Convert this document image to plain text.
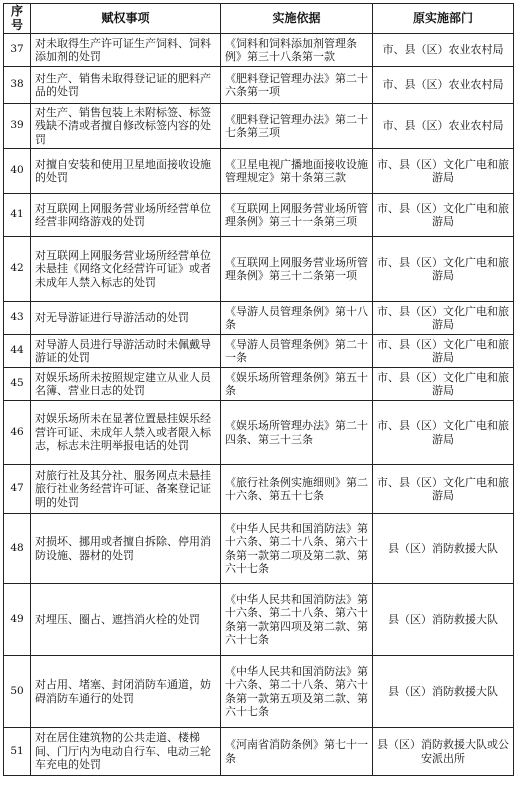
序号	赋权事项	实施依据	原实施部门
37	对未取得生产许可证生产饲料、饲料添加剂的处罚	《饲料和饲料添加剂管理条例》第三十八条第一款	市、县（区）农业农村局
38	对生产、销售未取得登记证的肥料产品的处罚	《肥料登记管理办法》第二十六条第一项	市、县（区）农业农村局
39	对生产、销售包装上未附标签、标签残缺不清或者擅自修改标签内容的处罚	《肥料登记管理办法》第二十七条第三项	市、县（区）农业农村局
40	对擅自安装和使用卫星地面接收设施的处罚	《卫星电视广播地面接收设施管理规定》第十条第三款	市、县（区）文化广电和旅游局
41	对互联网上网服务营业场所经营单位经营非网络游戏的处罚	《互联网上网服务营业场所管理条例》第三十一条第三项	市、县（区）文化广电和旅游局
42	对互联网上网服务营业场所经营单位未悬挂《网络文化经营许可证》或者未成年人禁入标志的处罚	《互联网上网服务营业场所管理条例》第三十二条第一项	市、县（区）文化广电和旅游局
43	对无导游证进行导游活动的处罚	《导游人员管理条例》第十八条	市、县（区）文化广电和旅游局
44	对导游人员进行导游活动时未佩戴导游证的处罚	《导游人员管理条例》第二十一条	市、县（区）文化广电和旅游局
45	对娱乐场所未按照规定建立从业人员名簿、营业日志的处罚	《娱乐场所管理条例》第五十条	市、县（区）文化广电和旅游局
46	对娱乐场所未在显著位置悬挂娱乐经营许可证、未成年人禁入或者限入标志，标志未注明举报电话的处罚	《娱乐场所管理办法》第二十四条、第三十三条	市、县（区）文化广电和旅游局
47	对旅行社及其分社、服务网点未悬挂旅行社业务经营许可证、备案登记证明的处罚	《旅行社条例实施细则》第二十六条、第五十七条	市、县（区）文化广电和旅游局
48	对损坏、挪用或者擅自拆除、停用消防设施、器材的处罚	《中华人民共和国消防法》第十六条、第二十八条、第六十条第一款第二项及第二款、第六十七条	县（区）消防救援大队
49	对埋压、圈占、遮挡消火栓的处罚	《中华人民共和国消防法》第十六条、第二十八条、第六十条第一款第四项及第二款、第六十七条	县（区）消防救援大队
50	对占用、堵塞、封闭消防车通道，妨碍消防车通行的处罚	《中华人民共和国消防法》第十六条、第二十八条、第六十条第一款第五项及第二款、第六十七条	县（区）消防救援大队
51	对在居住建筑物的公共走道、楼梯间、门厅内为电动自行车、电动三轮车充电的处罚	《河南省消防条例》第七十一条	县（区）消防救援大队或公安派出所
